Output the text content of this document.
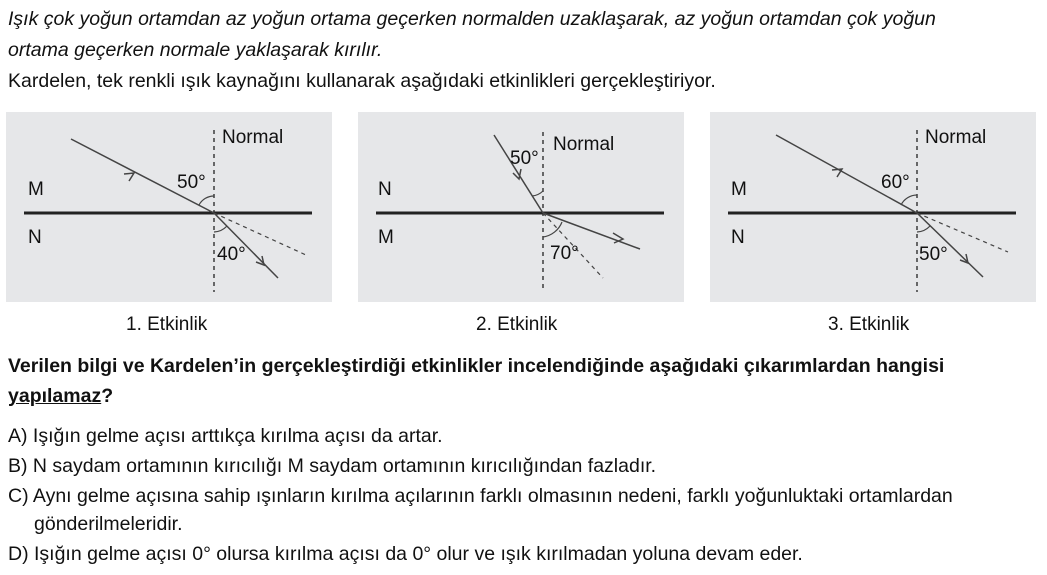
Işık çok yoğun ortamdan az yoğun ortama geçerken normalden uzaklaşarak, az yoğun ortamdan çok yoğun
ortama geçerken normale yaklaşarak kırılır.
Kardelen, tek renkli ışık kaynağını kullanarak aşağıdaki etkinlikleri gerçekleştiriyor.
Normal
50°
40°
M
N
Normal
50°
70°
N
M
Normal
60°
50°
M
N
1. Etkinlik	2. Etkinlik	3. Etkinlik
Verilen bilgi ve Kardelen’in gerçekleştirdiği etkinlikler incelendiğinde aşağıdaki çıkarımlardan hangisi
yapılamaz?
A) Işığın gelme açısı arttıkça kırılma açısı da artar.
B) N saydam ortamının kırıcılığı M saydam ortamının kırıcılığından fazladır.
C) Aynı gelme açısına sahip ışınların kırılma açılarının farklı olmasının nedeni, farklı yoğunluktaki ortamlardan
gönderilmeleridir.
D) Işığın gelme açısı 0° olursa kırılma açısı da 0° olur ve ışık kırılmadan yoluna devam eder.
